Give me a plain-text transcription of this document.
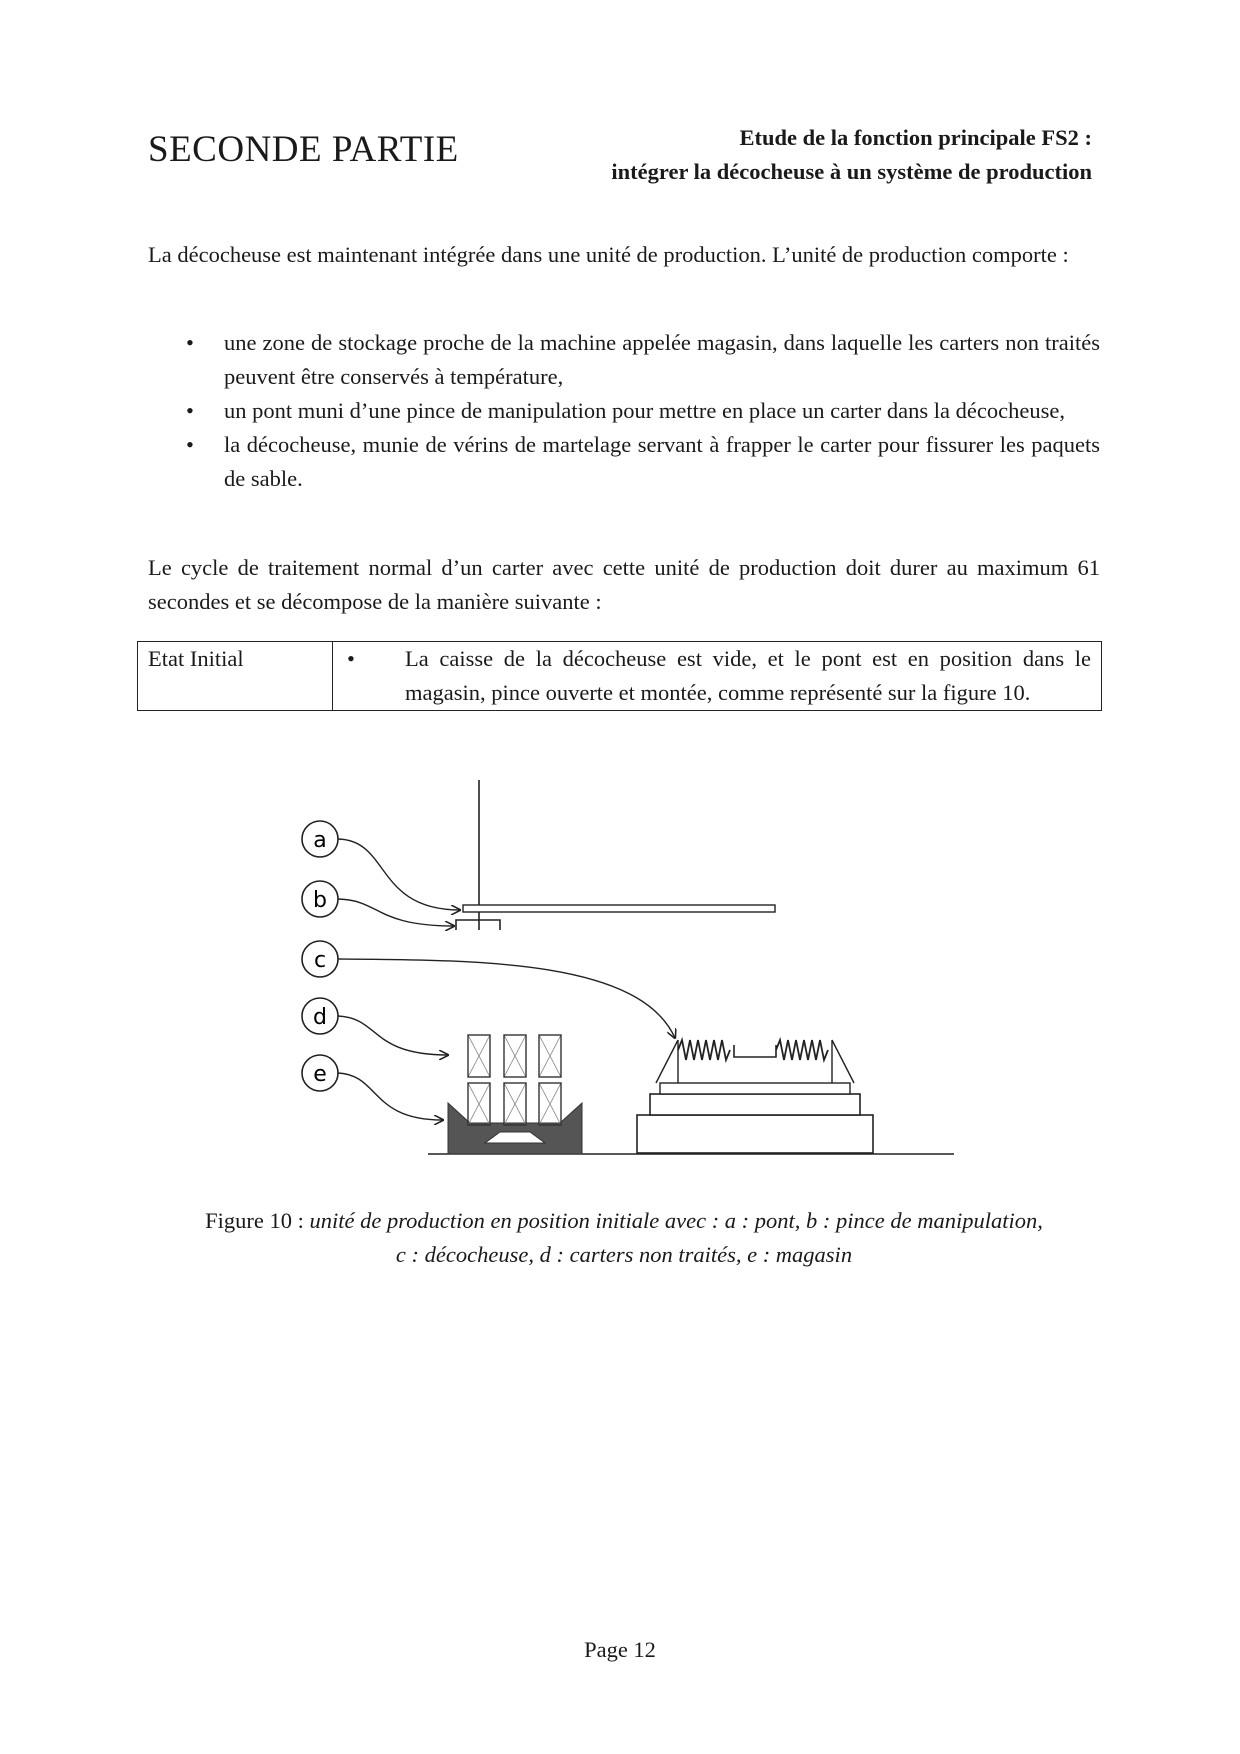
SECONDE PARTIE	Etude de la fonction principale FS2 :
intégrer la décocheuse à un système de production

La décocheuse est maintenant intégrée dans une unité de production. L’unité de production comporte :

• une zone de stockage proche de la machine appelée magasin, dans laquelle les carters non traités peuvent être conservés à température,
• un pont muni d’une pince de manipulation pour mettre en place un carter dans la décocheuse,
• la décocheuse, munie de vérins de martelage servant à frapper le carter pour fissurer les paquets de sable.

Le cycle de traitement normal d’un carter avec cette unité de production doit durer au maximum 61 secondes et se décompose de la manière suivante :

Etat Initial	•	La caisse de la décocheuse est vide, et le pont est en position dans le magasin, pince ouverte et montée, comme représenté sur la figure 10.
a
b
c
d
e
Figure 10 : unité de production en position initiale avec : a : pont, b : pince de manipulation,
c : décocheuse, d : carters non traités, e : magasin
Page 12
